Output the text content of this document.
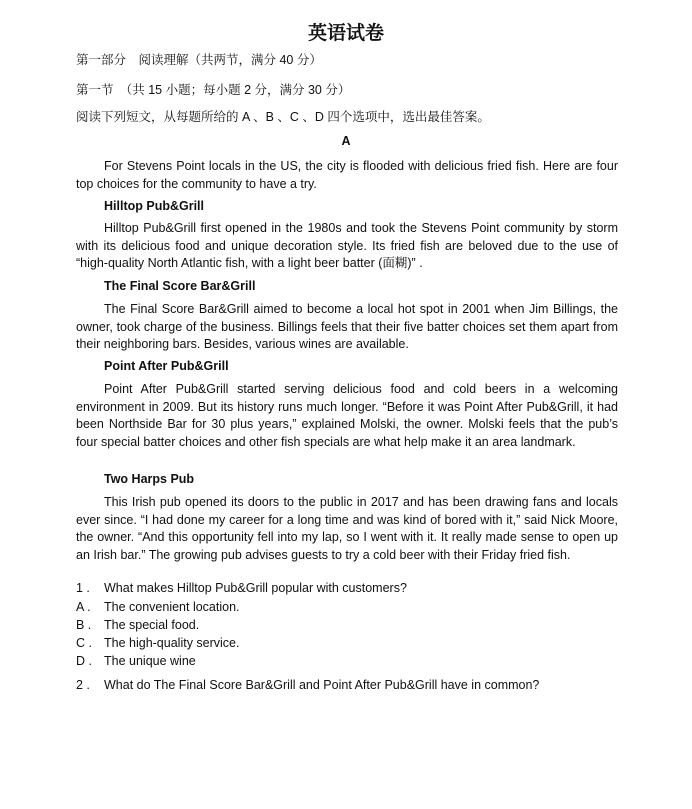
英语试卷
第一部分　阅读理解（共两节，满分 40 分）
第一节　（共 15 小题；每小题 2 分，满分 30 分）
阅读下列短文，从每题所给的 A 、B 、C 、D 四个选项中，选出最佳答案。
A
For Stevens Point locals in the US, the city is flooded with delicious fried fish. Here are four top choices for the community to have a try.
Hilltop Pub&Grill
Hilltop Pub&Grill first opened in the 1980s and took the Stevens Point community by storm with its delicious food and unique decoration style. Its fried fish are beloved due to the use of “high-quality North Atlantic fish, with a light beer batter (面糊)” .
The Final Score Bar&Grill
The Final Score Bar&Grill aimed to become a local hot spot in 2001 when Jim Billings, the owner, took charge of the business. Billings feels that their five batter choices set them apart from their neighboring bars. Besides, various wines are available.
Point After Pub&Grill
Point After Pub&Grill started serving delicious food and cold beers in a welcoming environment in 2009. But its history runs much longer. “Before it was Point After Pub&Grill, it had been Northside Bar for 30 plus years,” explained Molski, the owner. Molski feels that the pub’s four special batter choices and other fish specials are what help make it an area landmark.
Two Harps Pub
This Irish pub opened its doors to the public in 2017 and has been drawing fans and locals ever since. “I had done my career for a long time and was kind of bored with it,” said Nick Moore, the owner. “And this opportunity fell into my lap, so I went with it. It really made sense to open up an Irish bar.” The growing pub advises guests to try a cold beer with their Friday fried fish.
1 . What makes Hilltop Pub&Grill popular with customers?
A . The convenient location.
B . The special food.
C . The high-quality service.
D . The unique wine
2 . What do The Final Score Bar&Grill and Point After Pub&Grill have in common?
